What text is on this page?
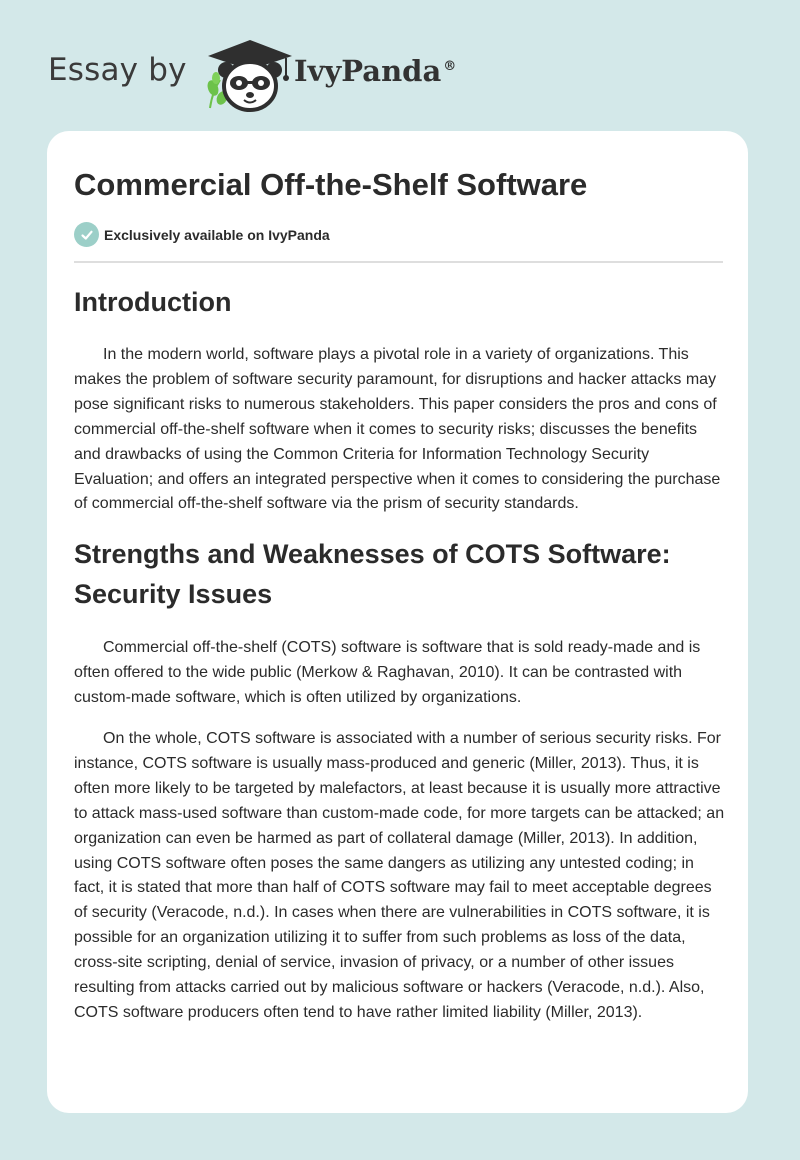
Essay by	IvyPanda ®
Commercial Off-the-Shelf Software
Exclusively available on IvyPanda
Introduction

In the modern world, software plays a pivotal role in a variety of organizations. This makes the problem of software security paramount, for disruptions and hacker attacks may pose significant risks to numerous stakeholders. This paper considers the pros and cons of commercial off-the-shelf software when it comes to security risks; discusses the benefits and drawbacks of using the Common Criteria for Information Technology Security Evaluation; and offers an integrated perspective when it comes to considering the purchase of commercial off-the-shelf software via the prism of security standards.

Strengths and Weaknesses of COTS Software: Security Issues

Commercial off-the-shelf (COTS) software is software that is sold ready-made and is often offered to the wide public (Merkow & Raghavan, 2010). It can be contrasted with custom-made software, which is often utilized by organizations.

On the whole, COTS software is associated with a number of serious security risks. For instance, COTS software is usually mass-produced and generic (Miller, 2013). Thus, it is often more likely to be targeted by malefactors, at least because it is usually more attractive to attack mass-used software than custom-made code, for more targets can be attacked; an organization can even be harmed as part of collateral damage (Miller, 2013). In addition, using COTS software often poses the same dangers as utilizing any untested coding; in fact, it is stated that more than half of COTS software may fail to meet acceptable degrees of security (Veracode, n.d.). In cases when there are vulnerabilities in COTS software, it is possible for an organization utilizing it to suffer from such problems as loss of the data, cross-site scripting, denial of service, invasion of privacy, or a number of other issues resulting from attacks carried out by malicious software or hackers (Veracode, n.d.). Also, COTS software producers often tend to have rather limited liability (Miller, 2013).
